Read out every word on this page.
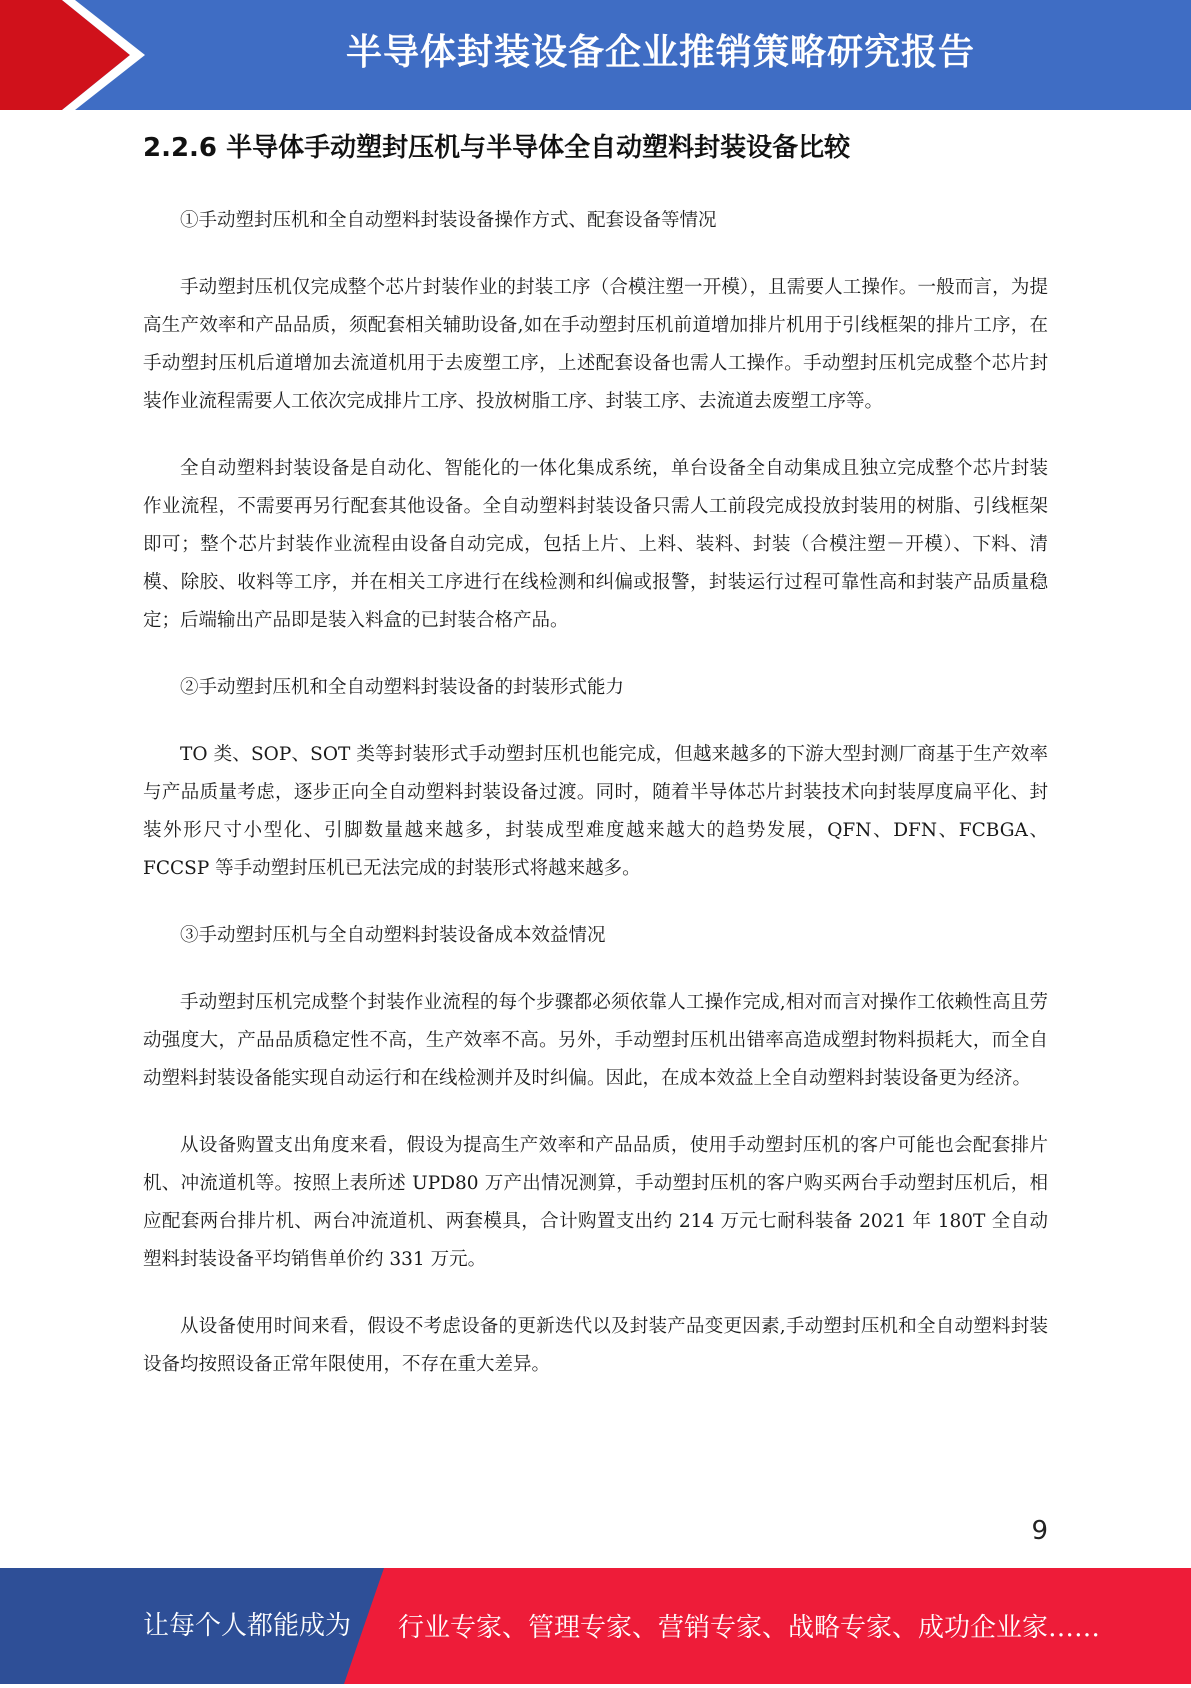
半导体封装设备企业推销策略研究报告
2.2.6 半导体手动塑封压机与半导体全自动塑料封装设备比较

①手动塑封压机和全自动塑料封装设备操作方式、配套设备等情况

手动塑封压机仅完成整个芯片封装作业的封装工序（合模注塑一开模），且需要人工操作。一般而言，为提高生产效率和产品品质，须配套相关辅助设备,如在手动塑封压机前道增加排片机用于引线框架的排片工序，在手动塑封压机后道增加去流道机用于去废塑工序，上述配套设备也需人工操作。手动塑封压机完成整个芯片封装作业流程需要人工依次完成排片工序、投放树脂工序、封装工序、去流道去废塑工序等。

全自动塑料封装设备是自动化、智能化的一体化集成系统，单台设备全自动集成且独立完成整个芯片封装作业流程，不需要再另行配套其他设备。全自动塑料封装设备只需人工前段完成投放封装用的树脂、引线框架即可；整个芯片封装作业流程由设备自动完成，包括上片、上料、装料、封装（合模注塑－开模）、下料、清模、除胶、收料等工序，并在相关工序进行在线检测和纠偏或报警，封装运行过程可靠性高和封装产品质量稳定；后端输出产品即是装入料盒的已封装合格产品。

②手动塑封压机和全自动塑料封装设备的封装形式能力

TO 类、SOP、SOT 类等封装形式手动塑封压机也能完成，但越来越多的下游大型封测厂商基于生产效率与产品质量考虑，逐步正向全自动塑料封装设备过渡。同时，随着半导体芯片封装技术向封装厚度扁平化、封装外形尺寸小型化、引脚数量越来越多，封装成型难度越来越大的趋势发展，QFN、DFN、FCBGA、FCCSP 等手动塑封压机已无法完成的封装形式将越来越多。

③手动塑封压机与全自动塑料封装设备成本效益情况

手动塑封压机完成整个封装作业流程的每个步骤都必须依靠人工操作完成,相对而言对操作工依赖性高且劳动强度大，产品品质稳定性不高，生产效率不高。另外，手动塑封压机出错率高造成塑封物料损耗大，而全自动塑料封装设备能实现自动运行和在线检测并及时纠偏。因此，在成本效益上全自动塑料封装设备更为经济。

从设备购置支出角度来看，假设为提高生产效率和产品品质，使用手动塑封压机的客户可能也会配套排片机、冲流道机等。按照上表所述 UPD80 万产出情况测算，手动塑封压机的客户购买两台手动塑封压机后，相应配套两台排片机、两台冲流道机、两套模具，合计购置支出约 214 万元七耐科装备 2021 年 180T 全自动塑料封装设备平均销售单价约 331 万元。

从设备使用时间来看，假设不考虑设备的更新迭代以及封装产品变更因素,手动塑封压机和全自动塑料封装设备均按照设备正常年限使用，不存在重大差异。

9
让每个人都能成为 行业专家、管理专家、营销专家、战略专家、成功企业家……
